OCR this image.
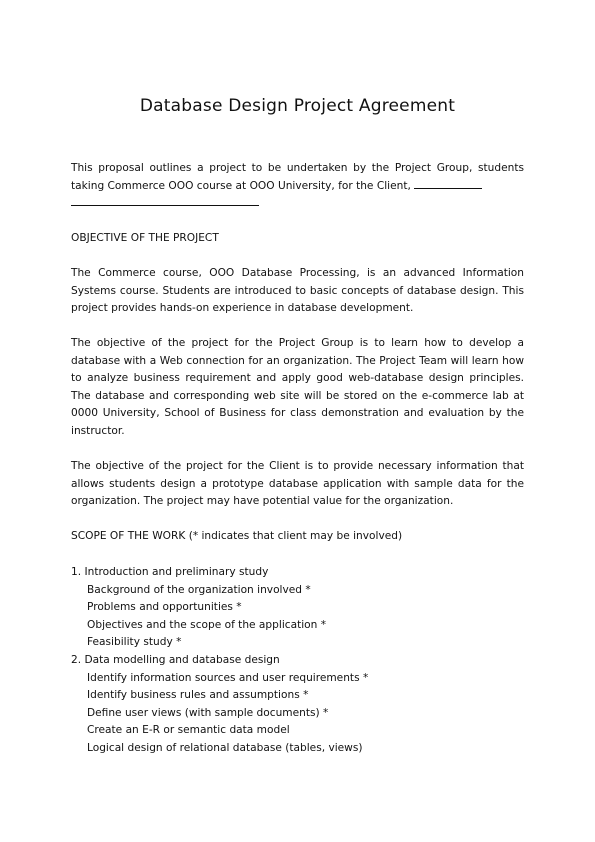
Database Design Project Agreement

This proposal outlines a project to be undertaken by the Project Group, students taking Commerce OOO course at OOO University, for the Client,

OBJECTIVE OF THE PROJECT

The Commerce course, OOO Database Processing, is an advanced Information Systems course. Students are introduced to basic concepts of database design. This project provides hands-on experience in database development.

The objective of the project for the Project Group is to learn how to develop a database with a Web connection for an organization. The Project Team will learn how to analyze business requirement and apply good web-database design principles. The database and corresponding web site will be stored on the e-commerce lab at 0000 University, School of Business for class demonstration and evaluation by the instructor.

The objective of the project for the Client is to provide necessary information that allows students design a prototype database application with sample data for the organization. The project may have potential value for the organization.

SCOPE OF THE WORK (* indicates that client may be involved)

1. Introduction and preliminary study
Background of the organization involved *
Problems and opportunities *
Objectives and the scope of the application *
Feasibility study *
2. Data modelling and database design
Identify information sources and user requirements *
Identify business rules and assumptions *
Define user views (with sample documents) *
Create an E-R or semantic data model
Logical design of relational database (tables, views)
